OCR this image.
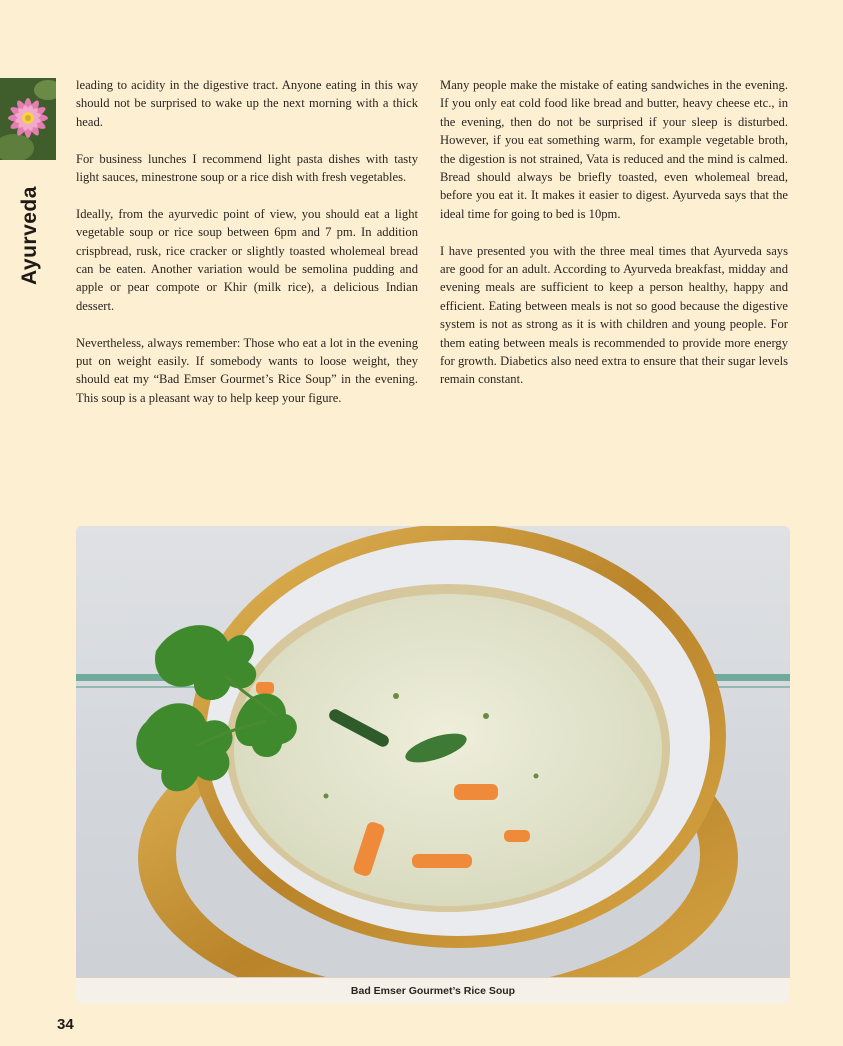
Ayurveda

leading to acidity in the digestive tract. Anyone eating in this way should not be surprised to wake up the next morning with a thick head.

For business lunches I recommend light pasta dishes with tasty light sauces, minestrone soup or a rice dish with fresh vegetables.

Ideally, from the ayurvedic point of view, you should eat a light vegetable soup or rice soup between 6pm and 7 pm. In addition crispbread, rusk, rice cracker or slightly toasted wholemeal bread can be eaten. Another variation would be semolina pudding and apple or pear compote or Khir (milk rice), a delicious Indian dessert.

Nevertheless, always remember: Those who eat a lot in the evening put on weight easily. If somebody wants to loose weight, they should eat my “Bad Emser Gourmet’s Rice Soup” in the evening. This soup is a pleasant way to help keep your figure.

Many people make the mistake of eating sandwiches in the evening. If you only eat cold food like bread and butter, heavy cheese etc., in the evening, then do not be surprised if your sleep is disturbed. However, if you eat something warm, for example vegetable broth, the digestion is not strained, Vata is reduced and the mind is calmed. Bread should always be briefly toasted, even wholemeal bread, before you eat it. It makes it easier to digest. Ayurveda says that the ideal time for going to bed is 10pm.

I have presented you with the three meal times that Ayurveda says are good for an adult. According to Ayurveda breakfast, midday and evening meals are sufficient to keep a person healthy, happy and efficient. Eating between meals is not so good because the digestive system is not as strong as it is with children and young people. For them eating between meals is recommended to provide more energy for growth. Diabetics also need extra to ensure that their sugar levels remain constant.

Bad Emser Gourmet’s Rice Soup
34
